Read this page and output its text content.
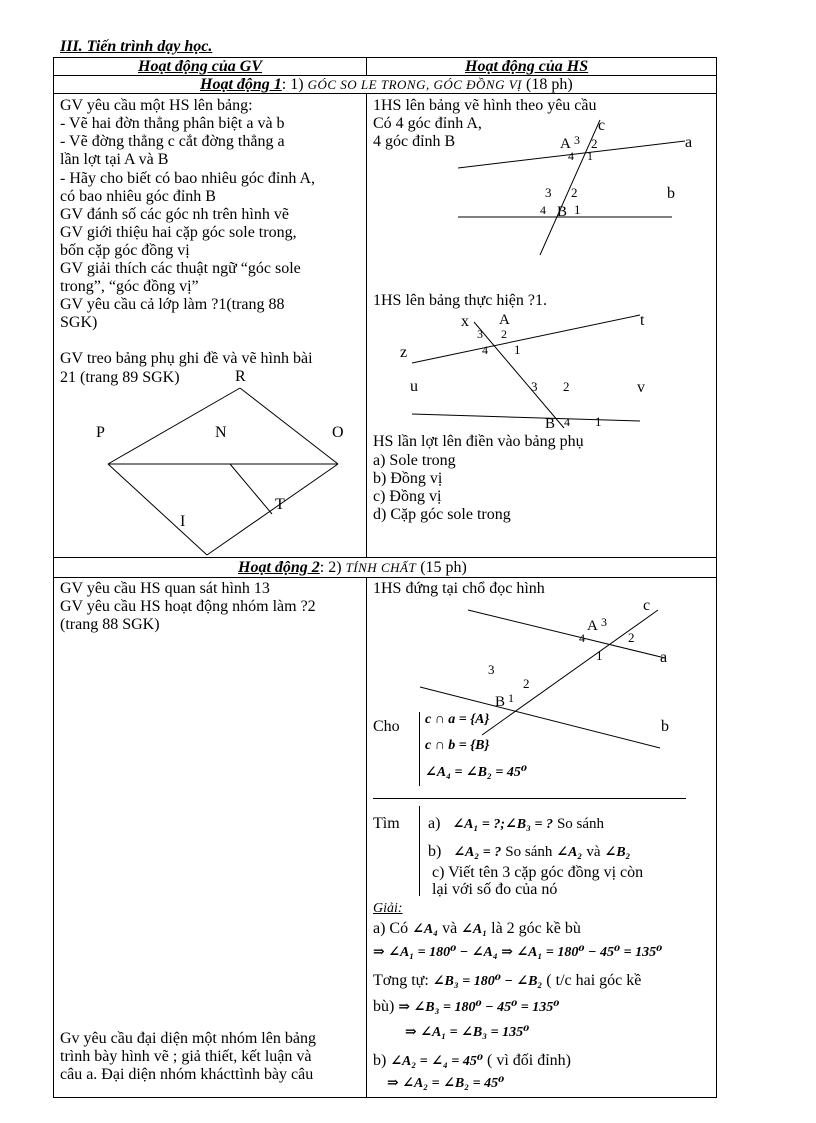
III. Tiến trình dạy học.
Hoạt động của GV	Hoạt động của HS
Hoạt động 1: 1) GÓC SO LE TRONG, GÓC ĐỒNG VỊ (18 ph)
GV yêu cầu một HS lên bảng:
- Vẽ hai đờn thẳng phân biệt a và b
- Vẽ đờng thẳng c cắt đờng thẳng a
lần lợt tại A và B
- Hãy cho biết có bao nhiêu góc đỉnh A,
có bao nhiêu góc đỉnh B
GV đánh số các góc nh trên hình vẽ
GV giới thiệu hai cặp góc sole trong,
bốn cặp góc đồng vị
GV giải thích các thuật ngữ “góc sole
trong”, “góc đồng vị”
GV yêu cầu cả lớp làm ?1(trang 88
SGK)
GV treo bảng phụ ghi đề và vẽ hình bài
21 (trang 89 SGK)	R
P	N	O
T
I
1HS lên bảng vẽ hình theo yêu cầu
Có 4 góc đỉnh A,
4 góc đỉnh B	A 3 2
4 1
c
a
3 2
4 B 1
b
1HS lên bảng thực hiện ?1.
x A	t
3 2
4 1
z
u	3 2	v
B 4 1
HS lần lợt lên điền vào bảng phụ
a) Sole trong
b) Đồng vị
c) Đồng vị
d) Cặp góc sole trong
Hoạt động 2: 2) TÍNH CHẤT (15 ph)
GV yêu cầu HS quan sát hình 13
GV yêu cầu HS hoạt động nhóm làm ?2
(trang 88 SGK)
Gv yêu cầu đại diện một nhóm lên bảng
trình bày hình vẽ ; giả thiết, kết luận và
câu a. Đại diện nhóm khácttình bày câu
1HS đứng tại chổ đọc hình
c
A 3
4	2
1	a
3
2
B 1
b
Cho c ∩ a = {A}
c ∩ b = {B}
∠A₄ = ∠B₂ = 45⁰
Tìm a) ∠A₁ = ?;∠B₃ = ? So sánh
b) ∠A₂ = ? So sánh ∠A₂ và ∠B₂
c) Viết tên 3 cặp góc đồng vị còn
lại với số đo của nó
Giải:
a) Có ∠A₄ và ∠A₁ là 2 góc kề bù
⇒ ∠A₁ = 180⁰ − ∠A₄ ⇒ ∠A₁ = 180⁰ − 45⁰ = 135⁰
Tơng tự: ∠B₃ = 180⁰ − ∠B₂ ( t/c hai góc kề
bù) ⇒ ∠B₃ = 180⁰ − 45⁰ = 135⁰
⇒ ∠A₁ = ∠B₃ = 135⁰
b) ∠A₂ = ∠₄ = 45⁰ ( vì đối đỉnh)
⇒ ∠A₂ = ∠B₂ = 45⁰
